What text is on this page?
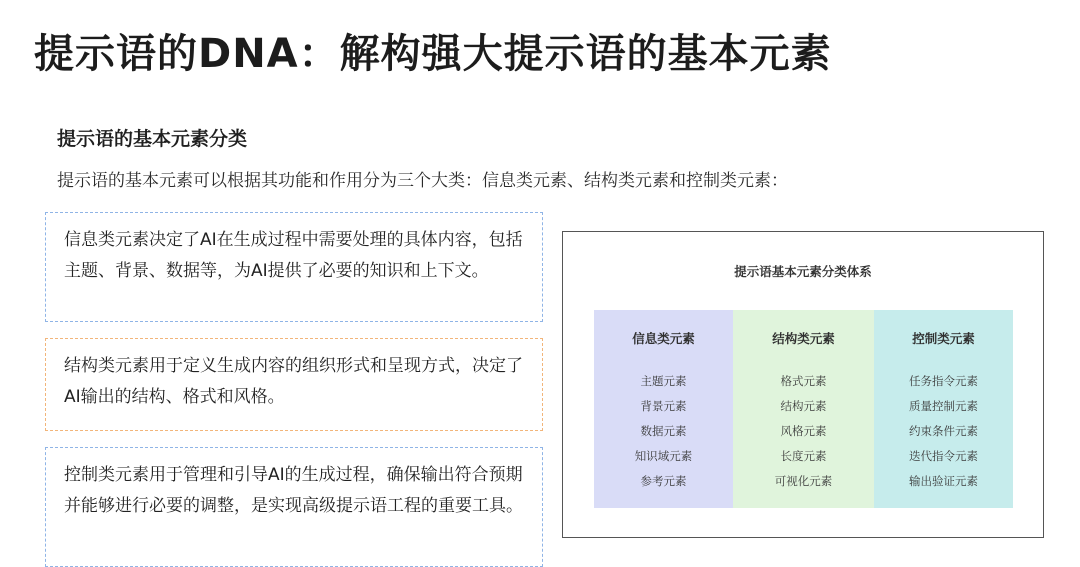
提示语的DNA：解构强大提示语的基本元素
提示语的基本元素分类
提示语的基本元素可以根据其功能和作用分为三个大类：信息类元素、结构类元素和控制类元素：
信息类元素决定了AI在生成过程中需要处理的具体内容，包括主题、背景、数据等，为AI提供了必要的知识和上下文。
结构类元素用于定义生成内容的组织形式和呈现方式，决定了AI输出的结构、格式和风格。
控制类元素用于管理和引导AI的生成过程，确保输出符合预期并能够进行必要的调整，是实现高级提示语工程的重要工具。
提示语基本元素分类体系
信息类元素
主题元素
背景元素
数据元素
知识域元素
参考元素
结构类元素
格式元素
结构元素
风格元素
长度元素
可视化元素
控制类元素
任务指令元素
质量控制元素
约束条件元素
迭代指令元素
输出验证元素
